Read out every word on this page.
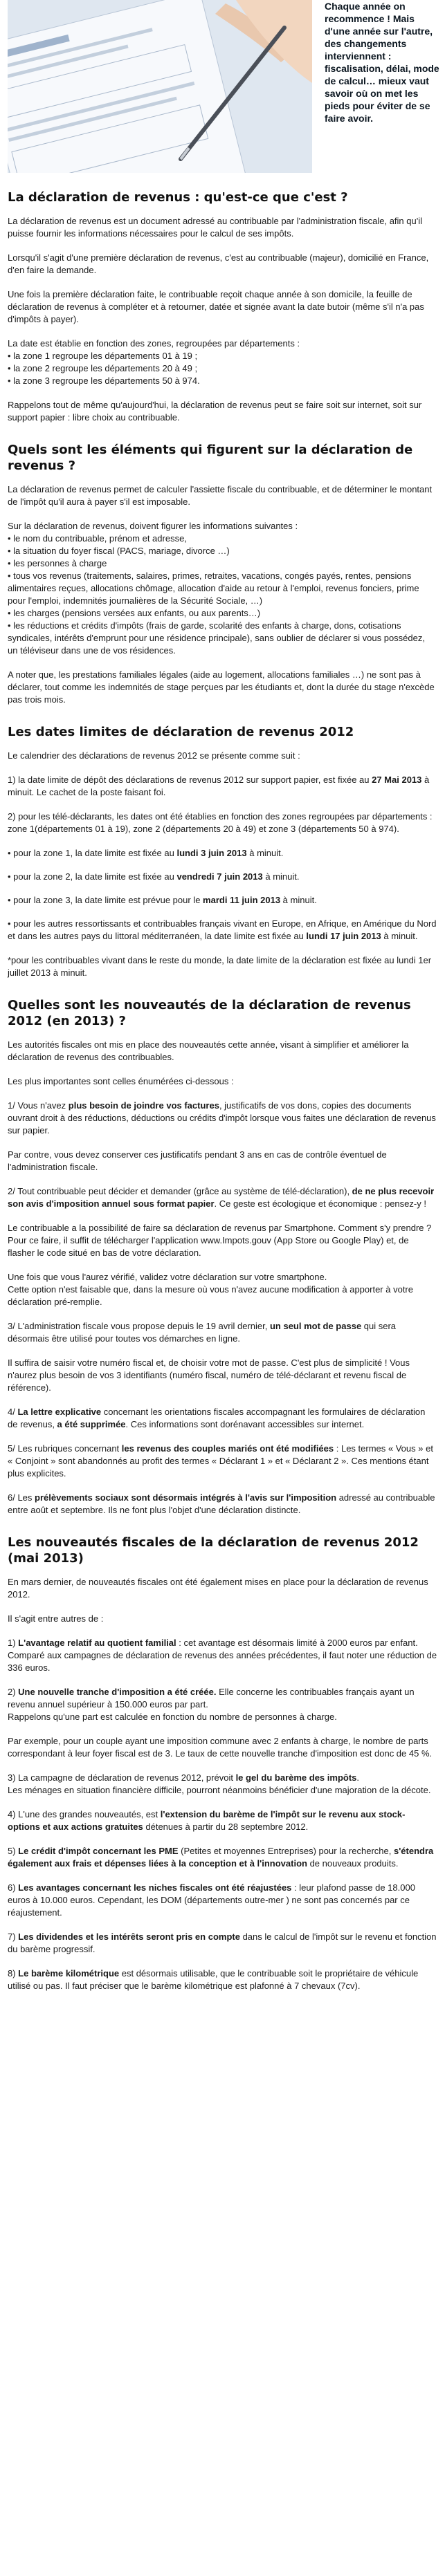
Chaque année on recommence ! Mais d'une année sur l'autre, des changements interviennent : fiscalisation, délai, mode de calcul… mieux vaut savoir où on met les pieds pour éviter de se faire avoir.
La déclaration de revenus : qu'est-ce que c'est ?

La déclaration de revenus est un document adressé au contribuable par l'administration fiscale, afin qu'il puisse fournir les informations nécessaires pour le calcul de ses impôts.

Lorsqu'il s'agit d'une première déclaration de revenus, c'est au contribuable (majeur), domicilié en France, d'en faire la demande.

Une fois la première déclaration faite, le contribuable reçoit chaque année à son domicile, la feuille de déclaration de revenus à compléter et à retourner, datée et signée avant la date butoir (même s'il n'a pas d'impôts à payer).

La date est établie en fonction des zones, regroupées par départements :

• la zone 1 regroupe les départements 01 à 19 ;
• la zone 2 regroupe les départements 20 à 49 ;
• la zone 3 regroupe les départements 50 à 974.

Rappelons tout de même qu'aujourd'hui, la déclaration de revenus peut se faire soit sur internet, soit sur support papier : libre choix au contribuable.

Quels sont les éléments qui figurent sur la déclaration de revenus ?

La déclaration de revenus permet de calculer l'assiette fiscale du contribuable, et de déterminer le montant de l'impôt qu'il aura à payer s'il est imposable.

Sur la déclaration de revenus, doivent figurer les informations suivantes :

• le nom du contribuable, prénom et adresse,
• la situation du foyer fiscal (PACS, mariage, divorce …)
• les personnes à charge
• tous vos revenus (traitements, salaires, primes, retraites, vacations, congés payés, rentes, pensions alimentaires reçues, allocations chômage, allocation d'aide au retour à l'emploi, revenus fonciers, prime pour l'emploi, indemnités journalières de la Sécurité Sociale, …)
• les charges (pensions versées aux enfants, ou aux parents…)
• les réductions et crédits d'impôts (frais de garde, scolarité des enfants à charge, dons, cotisations syndicales, intérêts d'emprunt pour une résidence principale), sans oublier de déclarer si vous possédez, un téléviseur dans une de vos résidences.

A noter que, les prestations familiales légales (aide au logement, allocations familiales …) ne sont pas à déclarer, tout comme les indemnités de stage perçues par les étudiants et, dont la durée du stage n'excède pas trois mois.

Les dates limites de déclaration de revenus 2012

Le calendrier des déclarations de revenus 2012 se présente comme suit :

1) la date limite de dépôt des déclarations de revenus 2012 sur support papier, est fixée au 27 Mai 2013 à minuit. Le cachet de la poste faisant foi.

2) pour les télé-déclarants, les dates ont été établies en fonction des zones regroupées par départements : zone 1(départements 01 à 19), zone 2 (départements 20 à 49) et zone 3 (départements 50 à 974).

• pour la zone 1, la date limite est fixée au lundi 3 juin 2013 à minuit.
• pour la zone 2, la date limite est fixée au vendredi 7 juin 2013 à minuit.
• pour la zone 3, la date limite est prévue pour le mardi 11 juin 2013 à minuit.
• pour les autres ressortissants et contribuables français vivant en Europe, en Afrique, en Amérique du Nord et dans les autres pays du littoral méditerranéen, la date limite est fixée au lundi 17 juin 2013 à minuit.

*pour les contribuables vivant dans le reste du monde, la date limite de la déclaration est fixée au lundi 1er juillet 2013 à minuit.

Quelles sont les nouveautés de la déclaration de revenus 2012 (en 2013) ?

Les autorités fiscales ont mis en place des nouveautés cette année, visant à simplifier et améliorer la déclaration de revenus des contribuables.

Les plus importantes sont celles énumérées ci-dessous :

1/ Vous n'avez plus besoin de joindre vos factures, justificatifs de vos dons, copies des documents ouvrant droit à des réductions, déductions ou crédits d'impôt lorsque vous faites une déclaration de revenus sur papier.

Par contre, vous devez conserver ces justificatifs pendant 3 ans en cas de contrôle éventuel de l'administration fiscale.

2/ Tout contribuable peut décider et demander (grâce au système de télé-déclaration), de ne plus recevoir son avis d'imposition annuel sous format papier. Ce geste est écologique et économique : pensez-y !

Le contribuable a la possibilité de faire sa déclaration de revenus par Smartphone. Comment s'y prendre ? Pour ce faire, il suffit de télécharger l'application www.Impots.gouv (App Store ou Google Play) et, de flasher le code situé en bas de votre déclaration.

Une fois que vous l'aurez vérifié, validez votre déclaration sur votre smartphone.

Cette option n'est faisable que, dans la mesure où vous n'avez aucune modification à apporter à votre déclaration pré-remplie.

3/ L'administration fiscale vous propose depuis le 19 avril dernier, un seul mot de passe qui sera désormais être utilisé pour toutes vos démarches en ligne.

Il suffira de saisir votre numéro fiscal et, de choisir votre mot de passe. C'est plus de simplicité ! Vous n'aurez plus besoin de vos 3 identifiants (numéro fiscal, numéro de télé-déclarant et revenu fiscal de référence).

4/ La lettre explicative concernant les orientations fiscales accompagnant les formulaires de déclaration de revenus, a été supprimée. Ces informations sont dorénavant accessibles sur internet.

5/ Les rubriques concernant les revenus des couples mariés ont été modifiées : Les termes « Vous » et « Conjoint » sont abandonnés au profit des termes « Déclarant 1 » et « Déclarant 2 ». Ces mentions étant plus explicites.

6/ Les prélèvements sociaux sont désormais intégrés à l'avis sur l'imposition adressé au contribuable entre août et septembre. Ils ne font plus l'objet d'une déclaration distincte.

Les nouveautés fiscales de la déclaration de revenus 2012 (mai 2013)

En mars dernier, de nouveautés fiscales ont été également mises en place pour la déclaration de revenus 2012.

Il s'agit entre autres de :

1) L'avantage relatif au quotient familial : cet avantage est désormais limité à 2000 euros par enfant. Comparé aux campagnes de déclaration de revenus des années précédentes, il faut noter une réduction de 336 euros.

2) Une nouvelle tranche d'imposition a été créée. Elle concerne les contribuables français ayant un revenu annuel supérieur à 150.000 euros par part.

Rappelons qu'une part est calculée en fonction du nombre de personnes à charge.

Par exemple, pour un couple ayant une imposition commune avec 2 enfants à charge, le nombre de parts correspondant à leur foyer fiscal est de 3. Le taux de cette nouvelle tranche d'imposition est donc de 45 %.

3) La campagne de déclaration de revenus 2012, prévoit le gel du barème des impôts.

Les ménages en situation financière difficile, pourront néanmoins bénéficier d'une majoration de la décote.

4) L'une des grandes nouveautés, est l'extension du barème de l'impôt sur le revenu aux stock-options et aux actions gratuites détenues à partir du 28 septembre 2012.

5) Le crédit d'impôt concernant les PME (Petites et moyennes Entreprises) pour la recherche, s'étendra également aux frais et dépenses liées à la conception et à l'innovation de nouveaux produits.

6) Les avantages concernant les niches fiscales ont été réajustées : leur plafond passe de 18.000 euros à 10.000 euros. Cependant, les DOM (départements outre-mer ) ne sont pas concernés par ce réajustement.

7) Les dividendes et les intérêts seront pris en compte dans le calcul de l'impôt sur le revenu et fonction du barème progressif.

8) Le barème kilométrique est désormais utilisable, que le contribuable soit le propriétaire de véhicule utilisé ou pas. Il faut préciser que le barème kilométrique est plafonné à 7 chevaux (7cv).
